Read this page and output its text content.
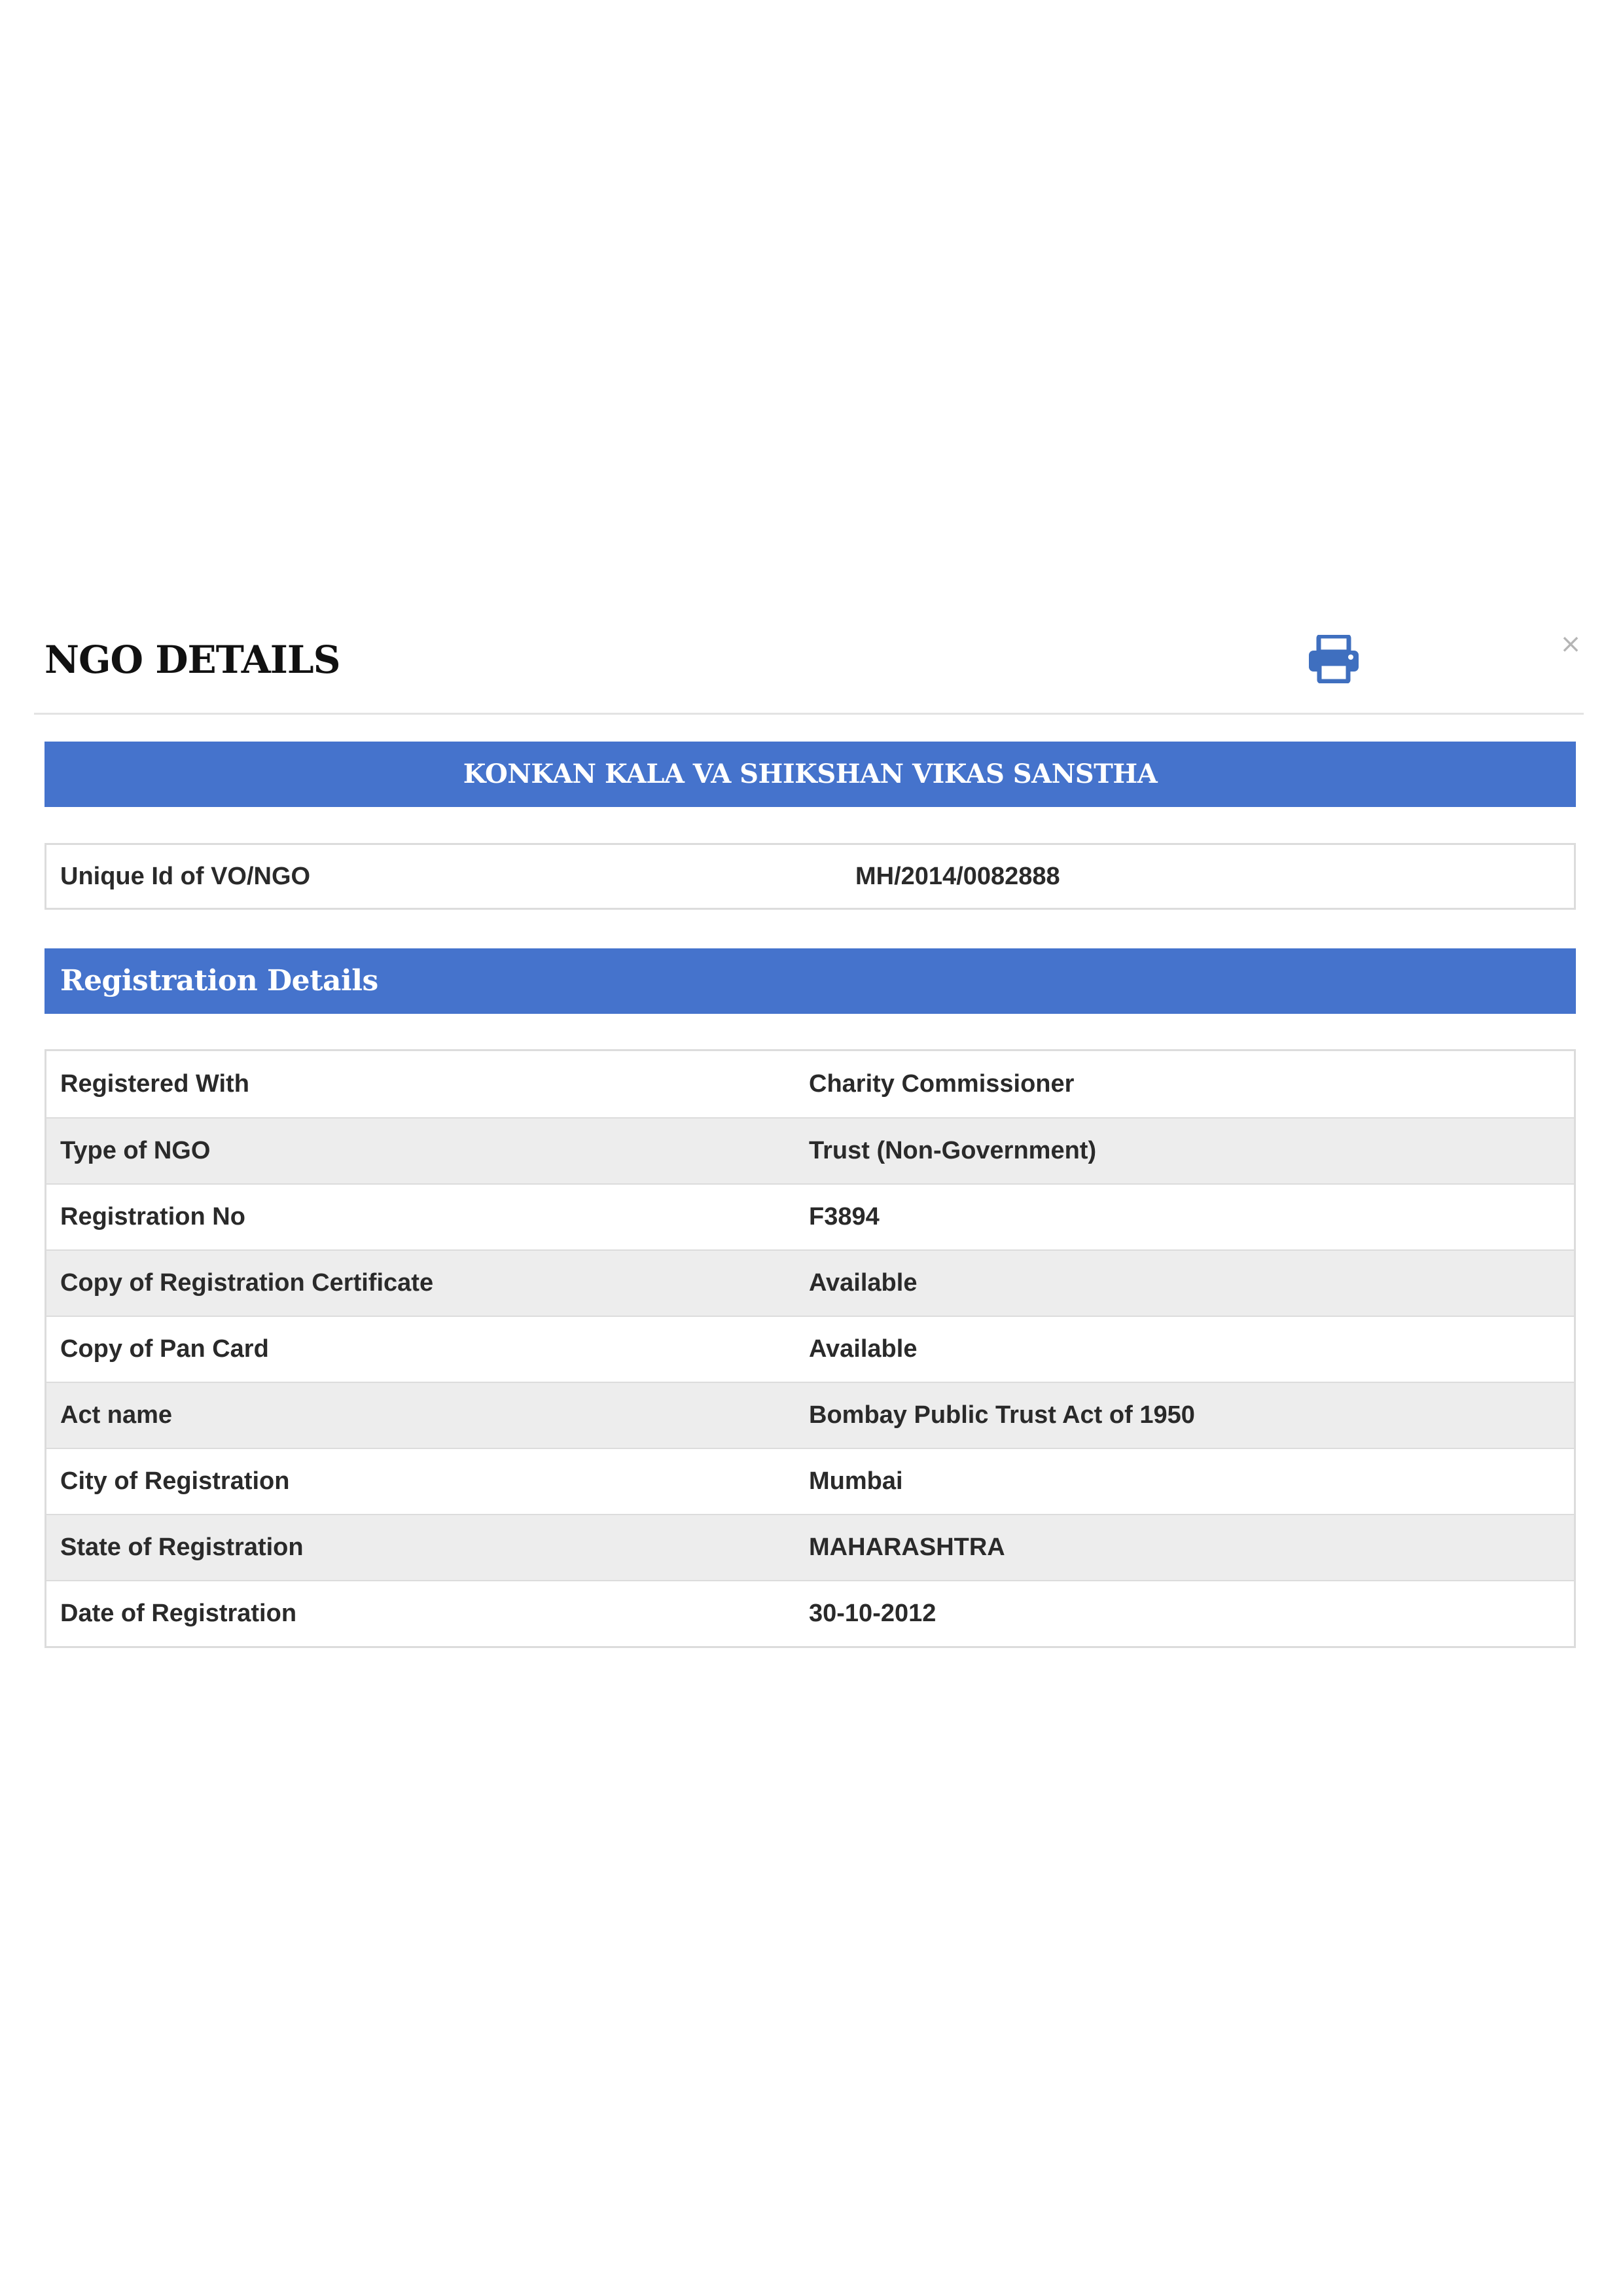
NGO DETAILS	×
KONKAN KALA VA SHIKSHAN VIKAS SANSTHA
Unique Id of VO/NGO	MH/2014/0082888
Registration Details
Registered With	Charity Commissioner
Type of NGO	Trust (Non-Government)
Registration No	F3894
Copy of Registration Certificate	Available
Copy of Pan Card	Available
Act name	Bombay Public Trust Act of 1950
City of Registration	Mumbai
State of Registration	MAHARASHTRA
Date of Registration	30-10-2012
